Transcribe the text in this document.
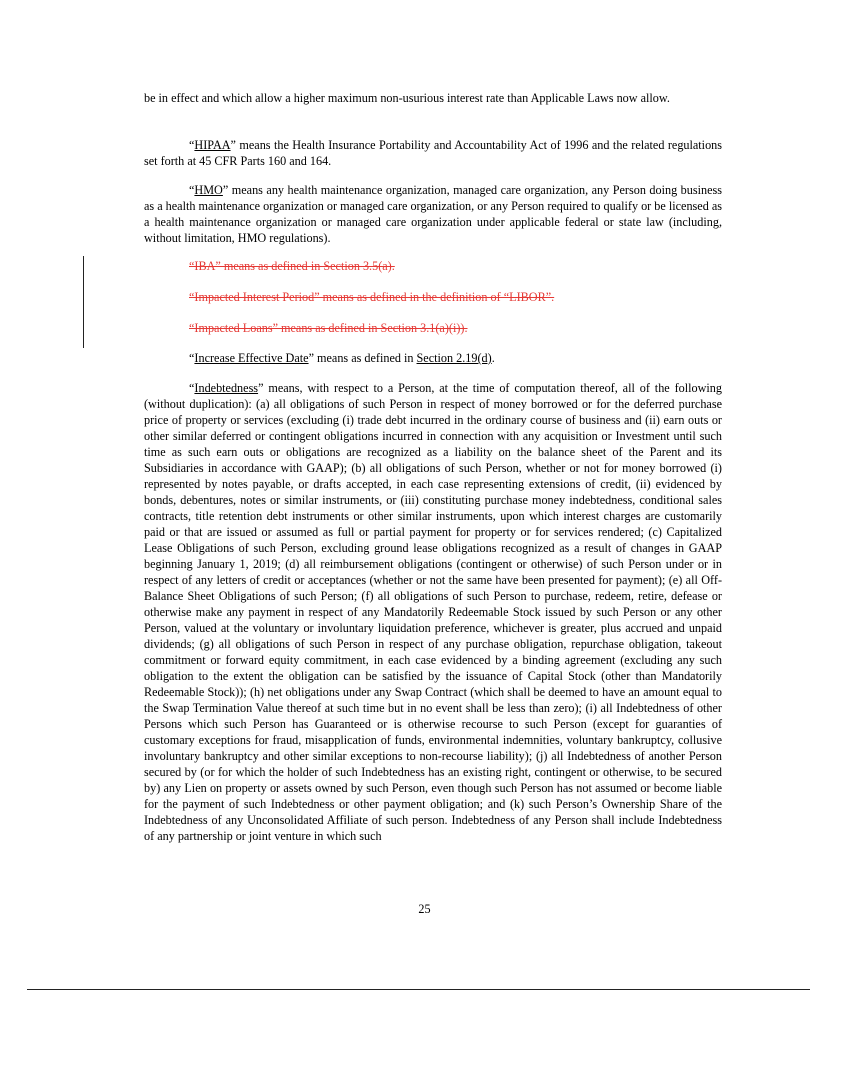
be in effect and which allow a higher maximum non-usurious interest rate than Applicable Laws now allow.

“HIPAA” means the Health Insurance Portability and Accountability Act of 1996 and the related regulations set forth at 45 CFR Parts 160 and 164.

“HMO” means any health maintenance organization, managed care organization, any Person doing business as a health maintenance organization or managed care organization, or any Person required to qualify or be licensed as a health maintenance organization or managed care organization under applicable federal or state law (including, without limitation, HMO regulations).

“IBA” means as defined in Section 3.5(a).

“Impacted Interest Period” means as defined in the definition of “LIBOR”.

“Impacted Loans” means as defined in Section 3.1(a)(i)).

“Increase Effective Date” means as defined in Section 2.19(d).

“Indebtedness” means, with respect to a Person, at the time of computation thereof, all of the following (without duplication): (a) all obligations of such Person in respect of money borrowed or for the deferred purchase price of property or services (excluding (i) trade debt incurred in the ordinary course of business and (ii) earn outs or other similar deferred or contingent obligations incurred in connection with any acquisition or Investment until such time as such earn outs or obligations are recognized as a liability on the balance sheet of the Parent and its Subsidiaries in accordance with GAAP); (b) all obligations of such Person, whether or not for money borrowed (i) represented by notes payable, or drafts accepted, in each case representing extensions of credit, (ii) evidenced by bonds, debentures, notes or similar instruments, or (iii) constituting purchase money indebtedness, conditional sales contracts, title retention debt instruments or other similar instruments, upon which interest charges are customarily paid or that are issued or assumed as full or partial payment for property or for services rendered; (c) Capitalized Lease Obligations of such Person, excluding ground lease obligations recognized as a result of changes in GAAP beginning January 1, 2019; (d) all reimbursement obligations (contingent or otherwise) of such Person under or in respect of any letters of credit or acceptances (whether or not the same have been presented for payment); (e) all Off-Balance Sheet Obligations of such Person; (f) all obligations of such Person to purchase, redeem, retire, defease or otherwise make any payment in respect of any Mandatorily Redeemable Stock issued by such Person or any other Person, valued at the voluntary or involuntary liquidation preference, whichever is greater, plus accrued and unpaid dividends; (g) all obligations of such Person in respect of any purchase obligation, repurchase obligation, takeout commitment or forward equity commitment, in each case evidenced by a binding agreement (excluding any such obligation to the extent the obligation can be satisfied by the issuance of Capital Stock (other than Mandatorily Redeemable Stock)); (h) net obligations under any Swap Contract (which shall be deemed to have an amount equal to the Swap Termination Value thereof at such time but in no event shall be less than zero); (i) all Indebtedness of other Persons which such Person has Guaranteed or is otherwise recourse to such Person (except for guaranties of customary exceptions for fraud, misapplication of funds, environmental indemnities, voluntary bankruptcy, collusive involuntary bankruptcy and other similar exceptions to non-recourse liability); (j) all Indebtedness of another Person secured by (or for which the holder of such Indebtedness has an existing right, contingent or otherwise, to be secured by) any Lien on property or assets owned by such Person, even though such Person has not assumed or become liable for the payment of such Indebtedness or other payment obligation; and (k) such Person’s Ownership Share of the Indebtedness of any Unconsolidated Affiliate of such person. Indebtedness of any Person shall include Indebtedness of any partnership or joint venture in which such

25
